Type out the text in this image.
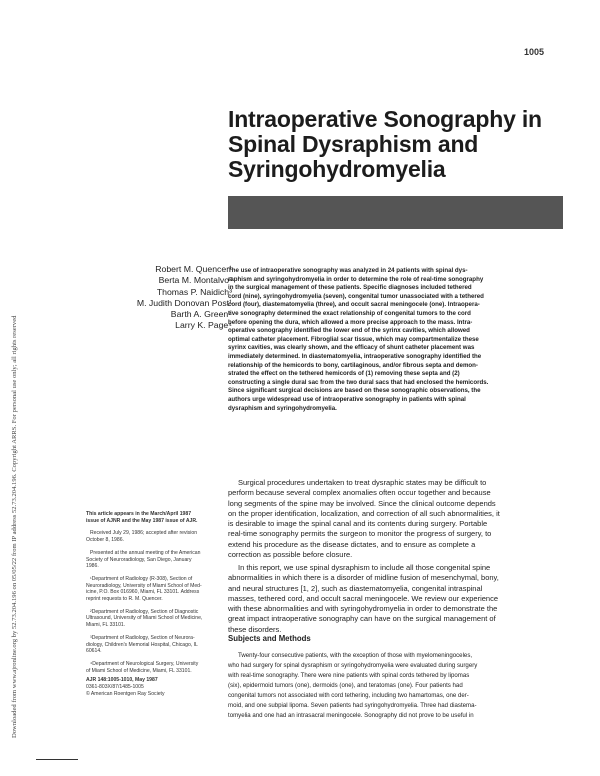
Downloaded from www.ajronline.org by 52.73.204.196 on 05/05/22 from IP address 52.73.204.196. Copyright ARRS. For personal use only; all rights reserved
1005
Intraoperative Sonography in
Spinal Dysraphism and
Syringohydromyelia
Robert M. Quencer¹
Berta M. Montalvo²
Thomas P. Naidich³
M. Judith Donovan Post¹
Barth A. Green⁴
Larry K. Page⁴
The use of intraoperative sonography was analyzed in 24 patients with spinal dys-
raphism and syringohydromyelia in order to determine the role of real-time sonography
in the surgical management of these patients. Specific diagnoses included tethered
cord (nine), syringohydromyelia (seven), congenital tumor unassociated with a tethered
cord (four), diastematomyelia (three), and occult sacral meningocele (one). Intraopera-
tive sonography determined the exact relationship of congenital tumors to the cord
before opening the dura, which allowed a more precise approach to the mass. Intra-
operative sonography identified the lower end of the syrinx cavities, which allowed
optimal catheter placement. Fibroglial scar tissue, which may compartmentalize these
syrinx cavities, was clearly shown, and the efficacy of shunt catheter placement was
immediately determined. In diastematomyelia, intraoperative sonography identified the
relationship of the hemicords to bony, cartilaginous, and/or fibrous septa and demon-
strated the effect on the tethered hemicords of (1) removing these septa and (2)
constructing a single dural sac from the two dural sacs that had enclosed the hemicords.
Since significant surgical decisions are based on these sonographic observations, the
authors urge widespread use of intraoperative sonography in patients with spinal
dysraphism and syringohydromyelia.
Surgical procedures undertaken to treat dysraphic states may be difficult to
perform because several complex anomalies often occur together and because
long segments of the spine may be involved. Since the clinical outcome depends
on the proper identification, localization, and correction of all such abnormalities, it
is desirable to image the spinal canal and its contents during surgery. Portable
real-time sonography permits the surgeon to monitor the progress of surgery, to
extend his procedure as the disease dictates, and to ensure as complete a
correction as possible before closure.
In this report, we use spinal dysraphism to include all those congenital spine
abnormalities in which there is a disorder of midline fusion of mesenchymal, bony,
and neural structures [1, 2], such as diastematomyelia, congenital intraspinal
masses, tethered cord, and occult sacral meningocele. We review our experience
with these abnormalities and with syringohydromyelia in order to demonstrate the
great impact intraoperative sonography can have on the surgical management of
these disorders.
Subjects and Methods
Twenty-four consecutive patients, with the exception of those with myelomeningoceles,
who had surgery for spinal dysraphism or syringohydromyelia were evaluated during surgery
with real-time sonography. There were nine patients with spinal cords tethered by lipomas
(six), epidermoid tumors (one), dermoids (one), and teratomas (one). Four patients had
congenital tumors not associated with cord tethering, including two hamartomas, one der-
moid, and one subpial lipoma. Seven patients had syringohydromyelia. Three had diastema-
tomyelia and one had an intrasacral meningocele. Sonography did not prove to be useful in
This article appears in the March/April 1987
issue of AJNR and the May 1987 issue of AJR.
Received July 29, 1986; accepted after revision
October 8, 1986.
Presented at the annual meeting of the American
Society of Neuroradiology, San Diego, January
1986.
¹Department of Radiology (R-308), Section of
Neuroradiology, University of Miami School of Med-
icine, P.O. Box 016960, Miami, FL 33101. Address
reprint requests to R. M. Quencer.
²Department of Radiology, Section of Diagnostic
Ultrasound, University of Miami School of Medicine,
Miami, FL 33101.
³Department of Radiology, Section of Neurora-
diology, Children's Memorial Hospital, Chicago, IL
60614.
⁴Department of Neurological Surgery, University
of Miami School of Medicine, Miami, FL 33101.
AJR 148:1005-1010, May 1987
0361-803X/87/1485-1005
© American Roentgen Ray Society
